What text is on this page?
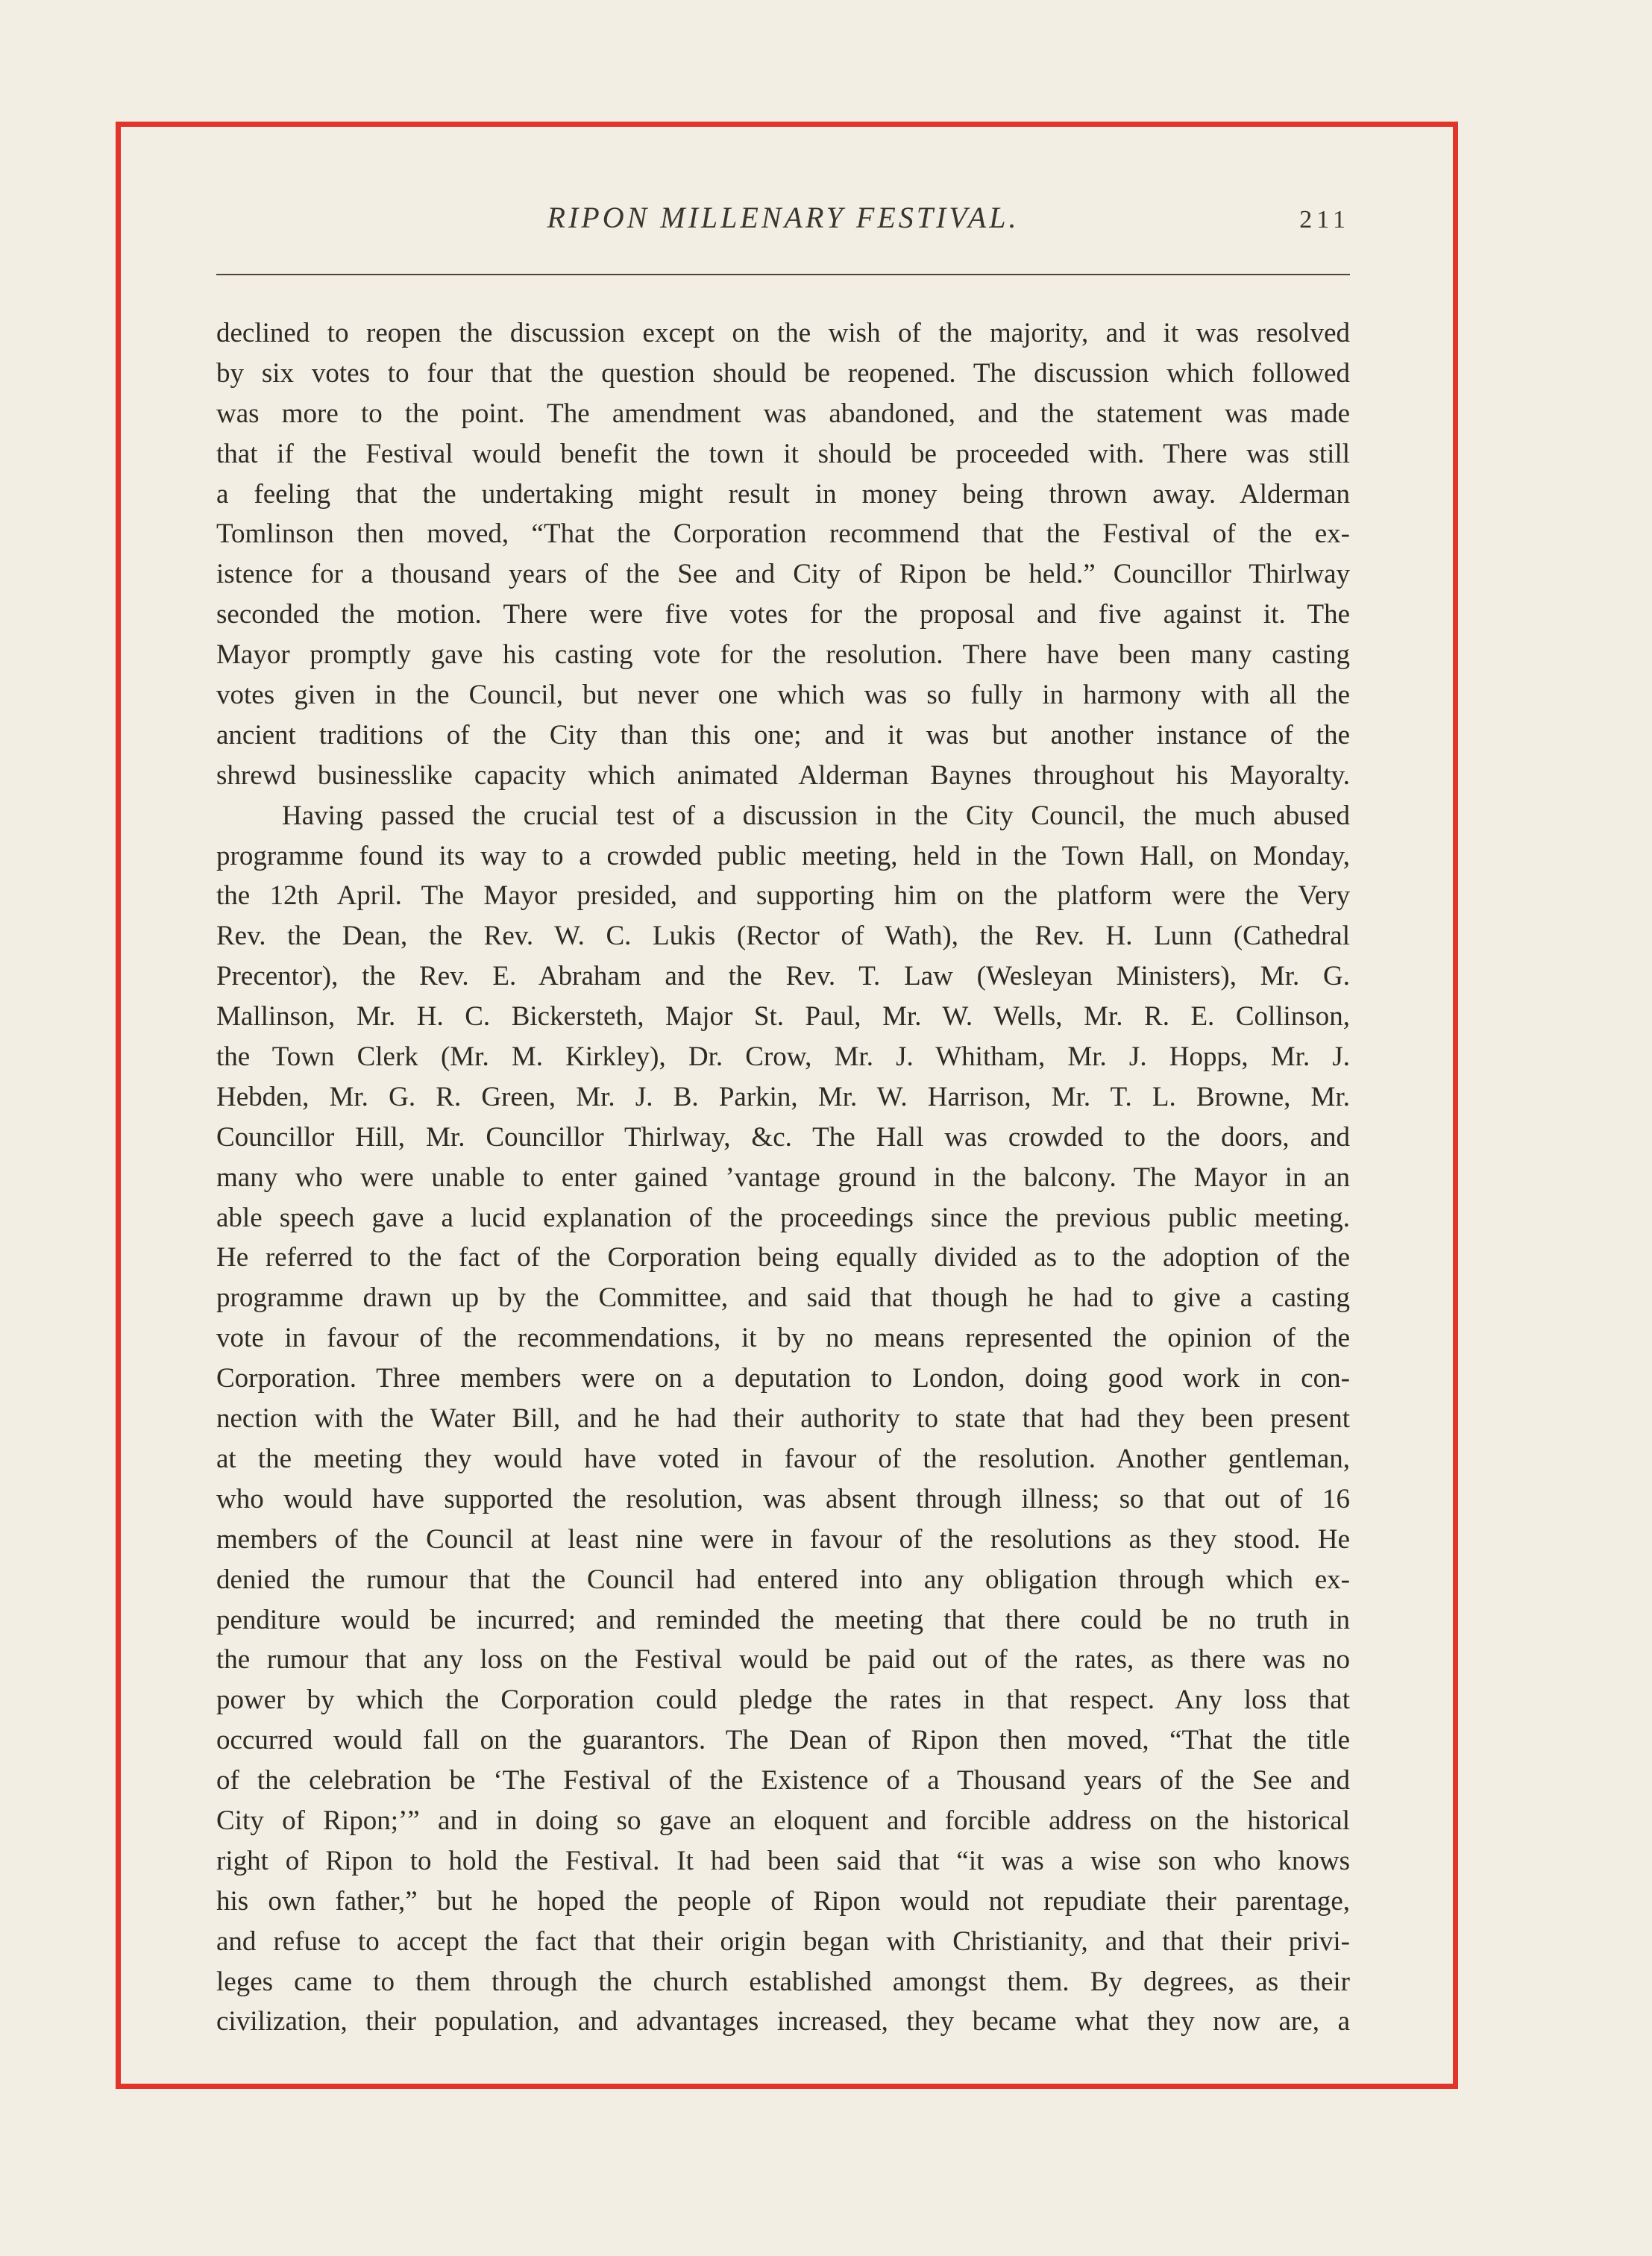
RIPON MILLENARY FESTIVAL.	211
declined to reopen the discussion except on the wish of the majority, and it was resolved
by six votes to four that the question should be reopened. The discussion which followed
was more to the point. The amendment was abandoned, and the statement was made
that if the Festival would benefit the town it should be proceeded with. There was still
a feeling that the undertaking might result in money being thrown away. Alderman
Tomlinson then moved, “That the Corporation recommend that the Festival of the ex-
istence for a thousand years of the See and City of Ripon be held.” Councillor Thirlway
seconded the motion. There were five votes for the proposal and five against it. The
Mayor promptly gave his casting vote for the resolution. There have been many casting
votes given in the Council, but never one which was so fully in harmony with all the
ancient traditions of the City than this one; and it was but another instance of the
shrewd businesslike capacity which animated Alderman Baynes throughout his Mayoralty.
Having passed the crucial test of a discussion in the City Council, the much abused
programme found its way to a crowded public meeting, held in the Town Hall, on Monday,
the 12th April. The Mayor presided, and supporting him on the platform were the Very
Rev. the Dean, the Rev. W. C. Lukis (Rector of Wath), the Rev. H. Lunn (Cathedral
Precentor), the Rev. E. Abraham and the Rev. T. Law (Wesleyan Ministers), Mr. G.
Mallinson, Mr. H. C. Bickersteth, Major St. Paul, Mr. W. Wells, Mr. R. E. Collinson,
the Town Clerk (Mr. M. Kirkley), Dr. Crow, Mr. J. Whitham, Mr. J. Hopps, Mr. J.
Hebden, Mr. G. R. Green, Mr. J. B. Parkin, Mr. W. Harrison, Mr. T. L. Browne, Mr.
Councillor Hill, Mr. Councillor Thirlway, &c. The Hall was crowded to the doors, and
many who were unable to enter gained ’vantage ground in the balcony. The Mayor in an
able speech gave a lucid explanation of the proceedings since the previous public meeting.
He referred to the fact of the Corporation being equally divided as to the adoption of the
programme drawn up by the Committee, and said that though he had to give a casting
vote in favour of the recommendations, it by no means represented the opinion of the
Corporation. Three members were on a deputation to London, doing good work in con-
nection with the Water Bill, and he had their authority to state that had they been present
at the meeting they would have voted in favour of the resolution. Another gentleman,
who would have supported the resolution, was absent through illness; so that out of 16
members of the Council at least nine were in favour of the resolutions as they stood. He
denied the rumour that the Council had entered into any obligation through which ex-
penditure would be incurred; and reminded the meeting that there could be no truth in
the rumour that any loss on the Festival would be paid out of the rates, as there was no
power by which the Corporation could pledge the rates in that respect. Any loss that
occurred would fall on the guarantors. The Dean of Ripon then moved, “That the title
of the celebration be ‘The Festival of the Existence of a Thousand years of the See and
City of Ripon;’” and in doing so gave an eloquent and forcible address on the historical
right of Ripon to hold the Festival. It had been said that “it was a wise son who knows
his own father,” but he hoped the people of Ripon would not repudiate their parentage,
and refuse to accept the fact that their origin began with Christianity, and that their privi-
leges came to them through the church established amongst them. By degrees, as their
civilization, their population, and advantages increased, they became what they now are, a
